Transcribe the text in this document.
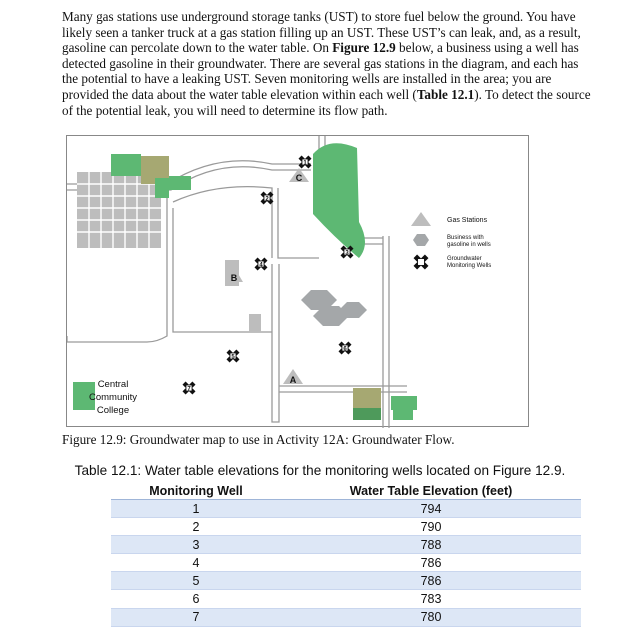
Many gas stations use underground storage tanks (UST) to store fuel below the ground. You have likely seen a tanker truck at a gas station filling up an UST. These UST’s can leak, and, as a result, gasoline can percolate down to the water table. On Figure 12.9 below, a business using a well has detected gasoline in their groundwater. There are several gas stations in the diagram, and each has the potential to have a leaking UST. Seven monitoring wells are installed in the area; you are provided the data about the water table elevation within each well (Table 12.1). To detect the source of the potential leak, you will need to determine its flow path.

C
B
A
1
2
3
4
5
6
7
Central
Community
College
Gas Stations
Business with
gasoline in wells
Groundwater
Monitoring Wells

Figure 12.9: Groundwater map to use in Activity 12A: Groundwater Flow.

Table 12.1: Water table elevations for the monitoring wells located on Figure 12.9.
Monitoring Well	Water Table Elevation (feet)
1	794
2	790
3	788
4	786
5	786
6	783
7	780
